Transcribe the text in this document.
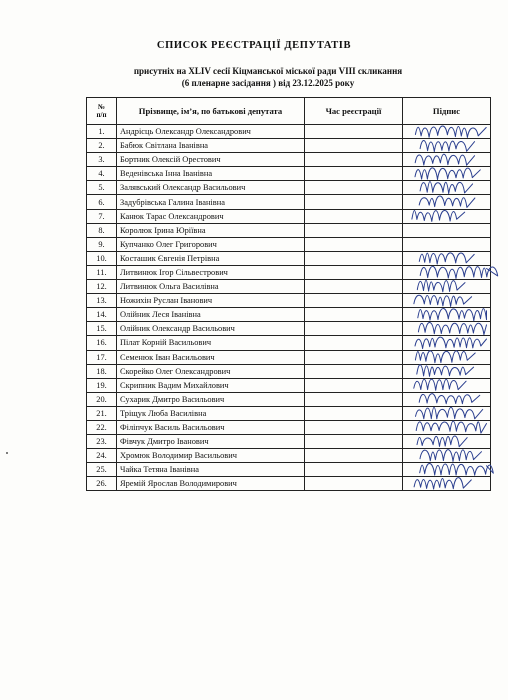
СПИСОК РЕЄСТРАЦІЇ ДЕПУТАТІВ
присутніх на XLIV сесії Кіцманської міської ради VIII скликання
(6 пленарне засідання ) від 23.12.2025 року
№
п/п	Прізвище, ім’я, по батькові депутата	Час реєстрації	Підпис
1.	Андрісць Олександр Олександрович		
2.	Бабюк Світлана Іванівна		
3.	Бортник Олексій Орестович		
4.	Веденівська Інна Іванівна		
5.	Залявський Олександр Васильович		
6.	Задубрівська Галина Іванівна		
7.	Канюк Тарас Олександрович		
8.	Королюк Ірина Юріївна		
9.	Купчанко Олег Григорович		
10.	Косташик Євгенія Петрівна		
11.	Литвинюк Ігор Сільвестрович		
12.	Литвинюк Ольга Василівна		
13.	Ножихін Руслан Іванович		
14.	Олійник Леся Іванівна		
15.	Олійник Олександр Васильович		
16.	Пілат Корній Васильович		
17.	Семенюк Іван Васильович		
18.	Скорейко Олег Олександрович		
19.	Скрипник Вадим Михайлович		
20.	Сухарик Дмитро Васильович		
21.	Тріщук Люба Василівна		
22.	Філіпчук Василь Васильович		
23.	Фівчук Дмитро Іванович		
24.	Хромюк Володимир Васильович		
25.	Чайка Тетяна Іванівна		
26.	Яремій Ярослав Володимирович		
